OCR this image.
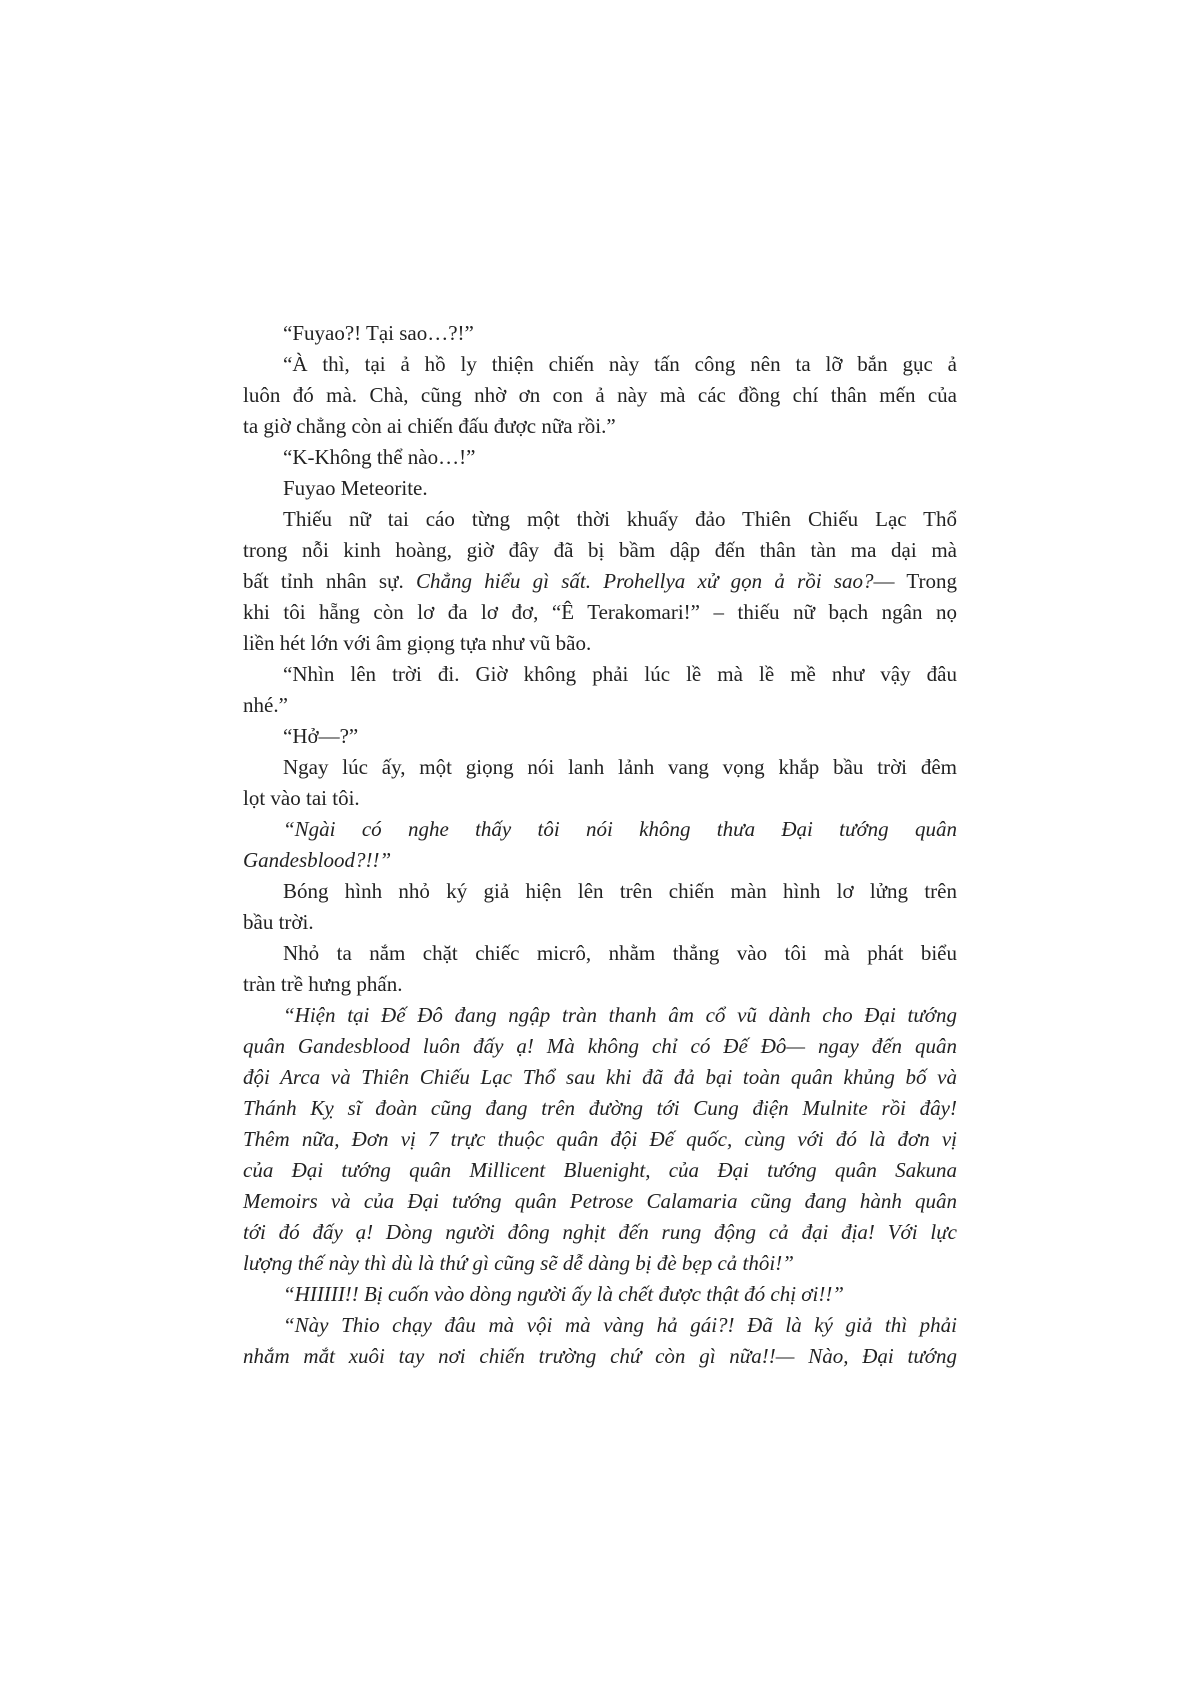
“Fuyao?! Tại sao…?!”
“À thì, tại ả hồ ly thiện chiến này tấn công nên ta lỡ bắn gục ả
luôn đó mà. Chà, cũng nhờ ơn con ả này mà các đồng chí thân mến của
ta giờ chẳng còn ai chiến đấu được nữa rồi.”
“K-Không thể nào…!”
Fuyao Meteorite.
Thiếu nữ tai cáo từng một thời khuấy đảo Thiên Chiếu Lạc Thổ
trong nỗi kinh hoàng, giờ đây đã bị bầm dập đến thân tàn ma dại mà
bất tỉnh nhân sự. Chẳng hiểu gì sất. Prohellya xử gọn ả rồi sao?— Trong
khi tôi hẵng còn lơ đa lơ đơ, “Ê Terakomari!” – thiếu nữ bạch ngân nọ
liền hét lớn với âm giọng tựa như vũ bão.
“Nhìn lên trời đi. Giờ không phải lúc lề mà lề mề như vậy đâu
nhé.”
“Hở—?”
Ngay lúc ấy, một giọng nói lanh lảnh vang vọng khắp bầu trời đêm
lọt vào tai tôi.
“Ngài có nghe thấy tôi nói không thưa Đại tướng quân
Gandesblood?!!”
Bóng hình nhỏ ký giả hiện lên trên chiến màn hình lơ lửng trên
bầu trời.
Nhỏ ta nắm chặt chiếc micrô, nhằm thẳng vào tôi mà phát biểu
tràn trề hưng phấn.
“Hiện tại Đế Đô đang ngập tràn thanh âm cổ vũ dành cho Đại tướng
quân Gandesblood luôn đấy ạ! Mà không chỉ có Đế Đô— ngay đến quân
đội Arca và Thiên Chiếu Lạc Thổ sau khi đã đả bại toàn quân khủng bố và
Thánh Kỵ sĩ đoàn cũng đang trên đường tới Cung điện Mulnite rồi đây!
Thêm nữa, Đơn vị 7 trực thuộc quân đội Đế quốc, cùng với đó là đơn vị
của Đại tướng quân Millicent Bluenight, của Đại tướng quân Sakuna
Memoirs và của Đại tướng quân Petrose Calamaria cũng đang hành quân
tới đó đấy ạ! Dòng người đông nghịt đến rung động cả đại địa! Với lực
lượng thế này thì dù là thứ gì cũng sẽ dễ dàng bị đè bẹp cả thôi!”
“HIIIII!! Bị cuốn vào dòng người ấy là chết được thật đó chị ơi!!”
“Này Thio chạy đâu mà vội mà vàng hả gái?! Đã là ký giả thì phải
nhắm mắt xuôi tay nơi chiến trường chứ còn gì nữa!!— Nào, Đại tướng
